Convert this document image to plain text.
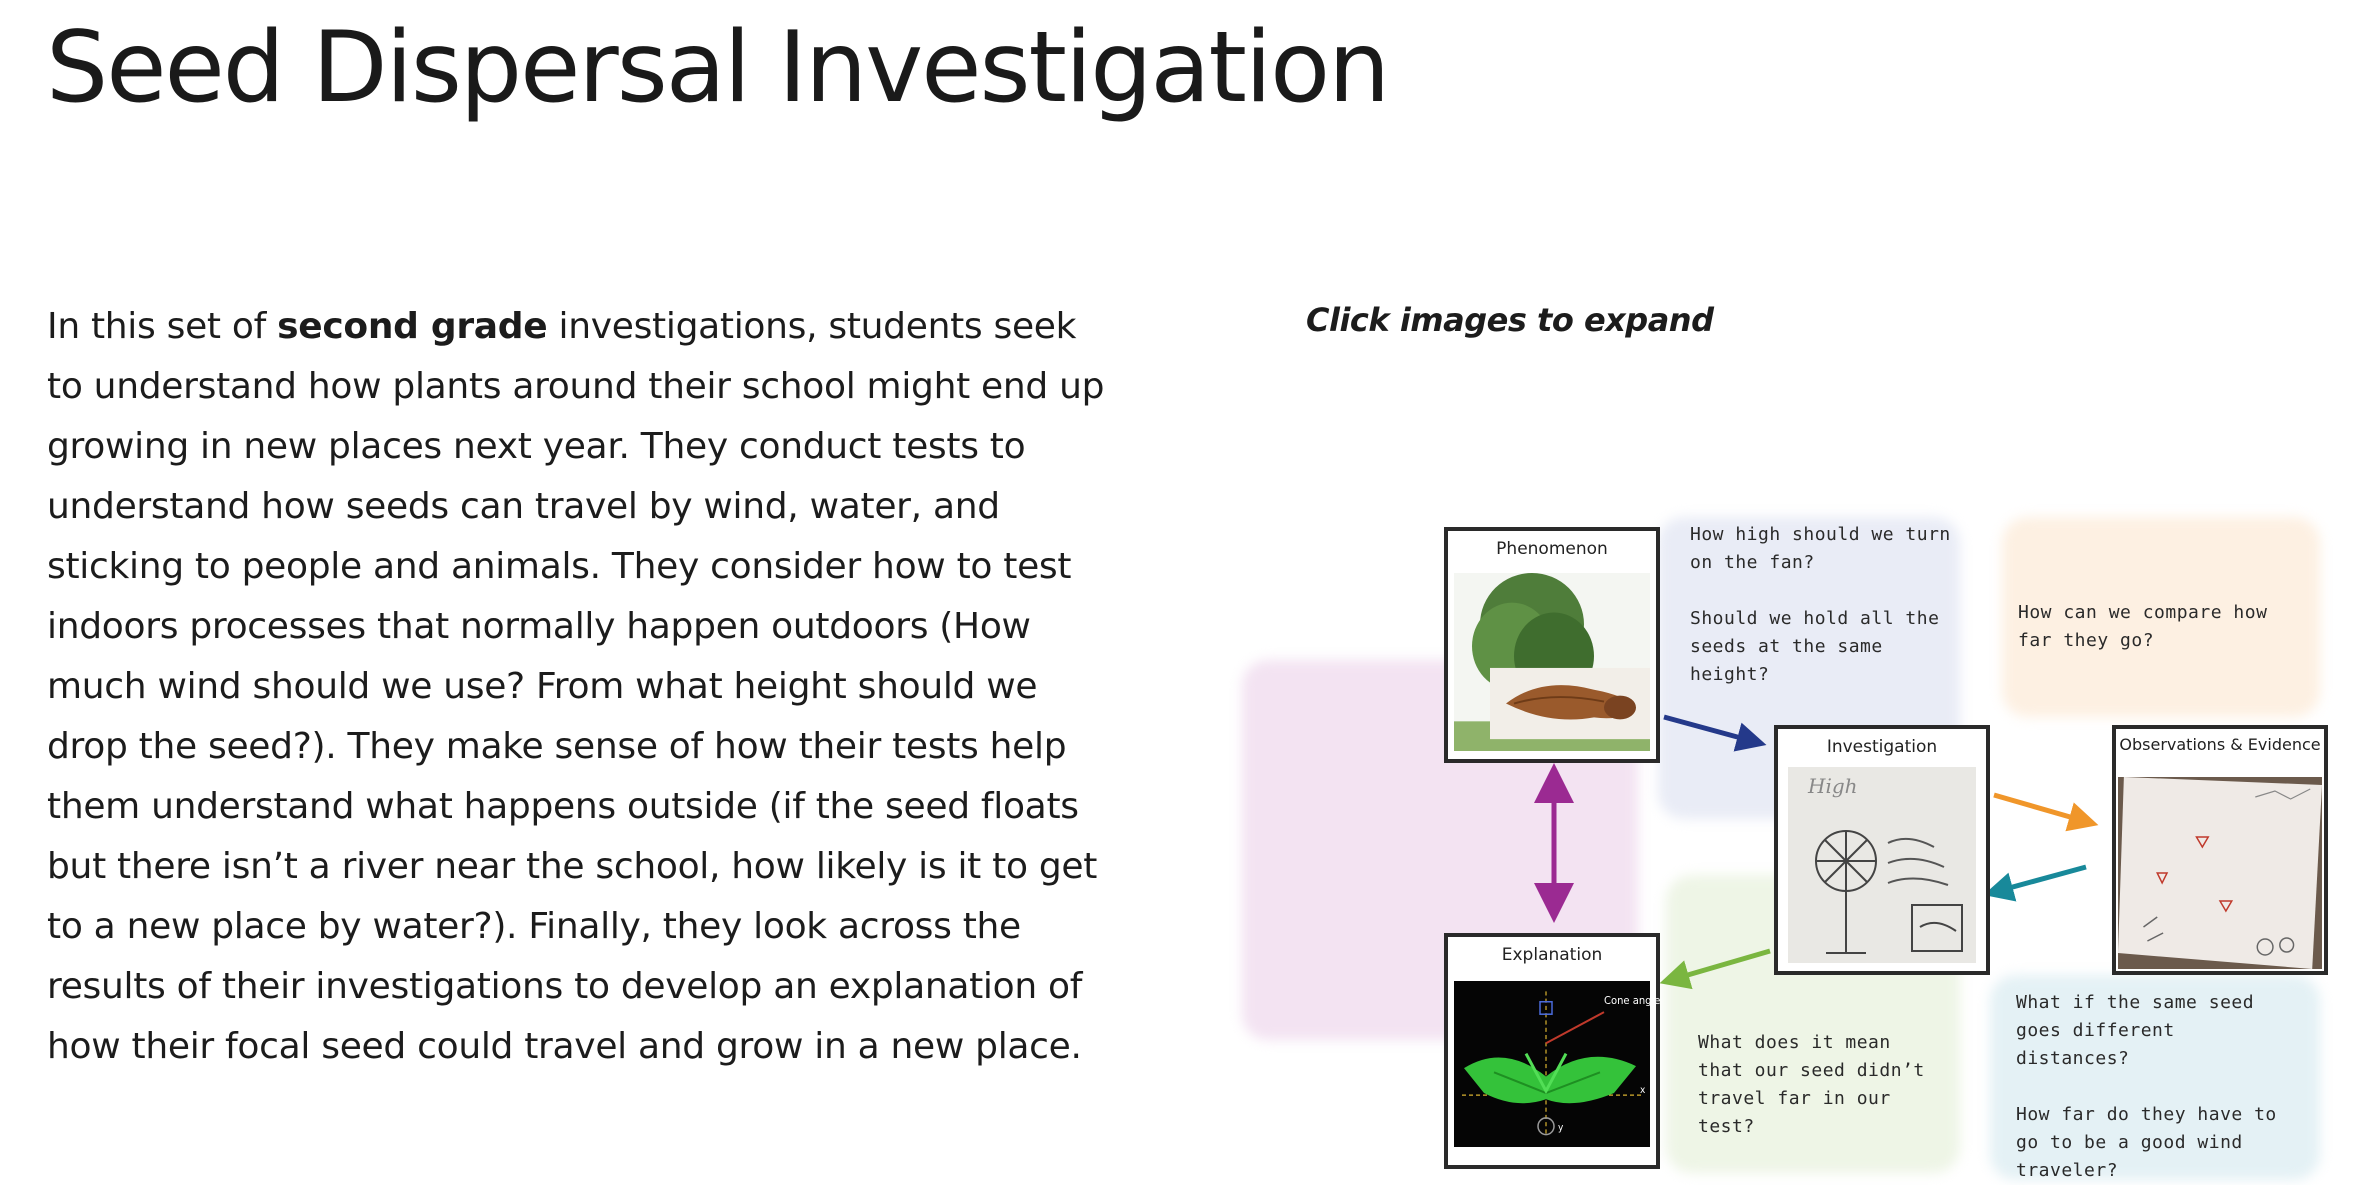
Seed Dispersal Investigation

In this set of second grade investigations, students seek to understand how plants around their school might end up growing in new places next year. They conduct tests to understand how seeds can travel by wind, water, and sticking to people and animals. They consider how to test indoors processes that normally happen outdoors (How much wind should we use? From what height should we drop the seed?). They make sense of how their tests help them understand what happens outside (if the seed floats but there isn’t a river near the school, how likely is it to get to a new place by water?). Finally, they look across the results of their investigations to develop an explanation of how their focal seed could travel and grow in a new place.

Click images to expand
Phenomenon
Investigation
High
Observations & Evidence
Explanation
Cone angle
x
y
How high should we turn on the fan?

Should we hold all the seeds at the same height?
How can we compare how far they go?
What does it mean that our seed didn’t travel far in our test?
What if the same seed goes different distances?

How far do they have to go to be a good wind traveler?
